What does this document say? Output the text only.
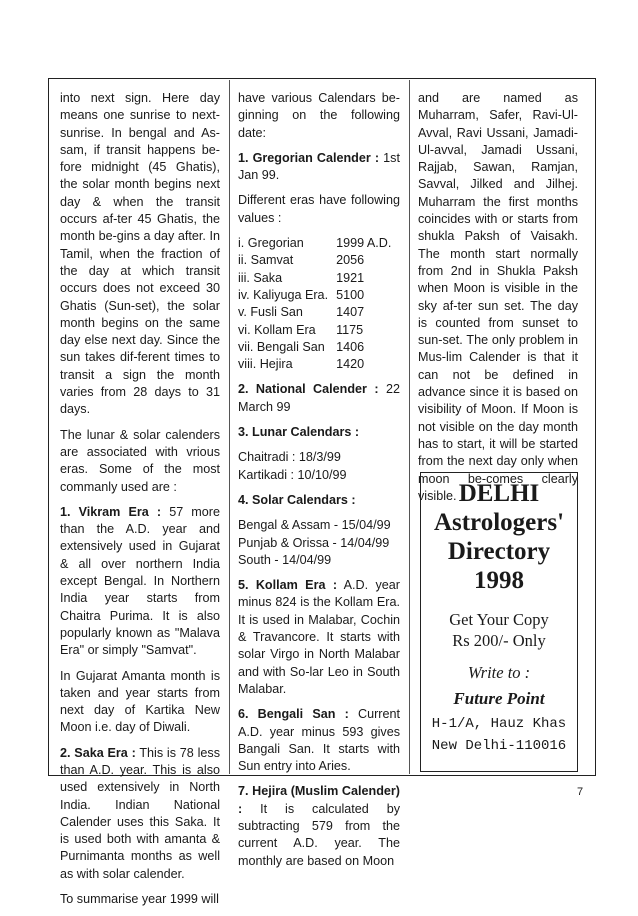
into next sign. Here day means one sunrise to next-sunrise. In bengal and As-sam, if transit happens be-fore midnight (45 Ghatis), the solar month begins next day & when the transit occurs af-ter 45 Ghatis, the month be-gins a day after. In Tamil, when the fraction of the day at which transit occurs does not exceed 30 Ghatis (Sun-set), the solar month begins on the same day else next day. Since the sun takes dif-ferent times to transit a sign the month varies from 28 days to 31 days.

The lunar & solar calenders are associated with vrious eras. Some of the most commanly used are :

1. Vikram Era : 57 more than the A.D. year and extensively used in Gujarat & all over northern India except Bengal. In Northern India year starts from Chaitra Purima. It is also popularly known as "Malava Era" or simply "Samvat".

In Gujarat Amanta month is taken and year starts from next day of Kartika New Moon i.e. day of Diwali.

2. Saka Era : This is 78 less than A.D. year. This is also used extensively in North India. Indian National Calender uses this Saka. It is used both with amanta & Purnimanta months as well as with solar calender.

To summarise year 1999 will

have various Calendars be-ginning on the following date:

1. Gregorian Calender : 1st Jan 99.

Different eras have following values :

i. Gregorian	1999 A.D.
ii. Samvat	2056
iii. Saka	1921
iv. Kaliyuga Era.	5100
v. Fusli San	1407
vi. Kollam Era	1175
vii. Bengali San	1406
viii. Hejira	1420

2. National Calender : 22 March 99

3. Lunar Calendars :

Chaitradi : 18/3/99
Kartikadi : 10/10/99

4. Solar Calendars :

Bengal & Assam - 15/04/99
Punjab & Orissa - 14/04/99
South - 14/04/99

5. Kollam Era : A.D. year minus 824 is the Kollam Era. It is used in Malabar, Cochin & Travancore. It starts with solar Virgo in North Malabar and with So-lar Leo in South Malabar.

6. Bengali San : Current A.D. year minus 593 gives Bangali San. It starts with Sun entry into Aries.

7. Hejira (Muslim Calender) : It is calculated by subtracting 579 from the current A.D. year. The monthly are based on Moon

and are named as Muharram, Safer, Ravi-Ul-Avval, Ravi Ussani, Jamadi-Ul-avval, Jamadi Ussani, Rajjab, Sawan, Ramjan, Savval, Jilked and Jilhej. Muharram the first months coincides with or starts from shukla Paksh of Vaisakh. The month start normally from 2nd in Shukla Paksh when Moon is visible in the sky af-ter sun set. The day is counted from sunset to sun-set. The only problem in Mus-lim Calender is that it can not be defined in advance since it is based on visibility of Moon. If Moon is not visible on the day month has to start, it will be started from the next day only when moon be-comes clearly visible. DELHI
Astrologers'
Directory
1998
Get Your Copy
Rs 200/- Only
Write to :
Future Point
H-1/A, Hauz Khas
New Delhi-110016
7
